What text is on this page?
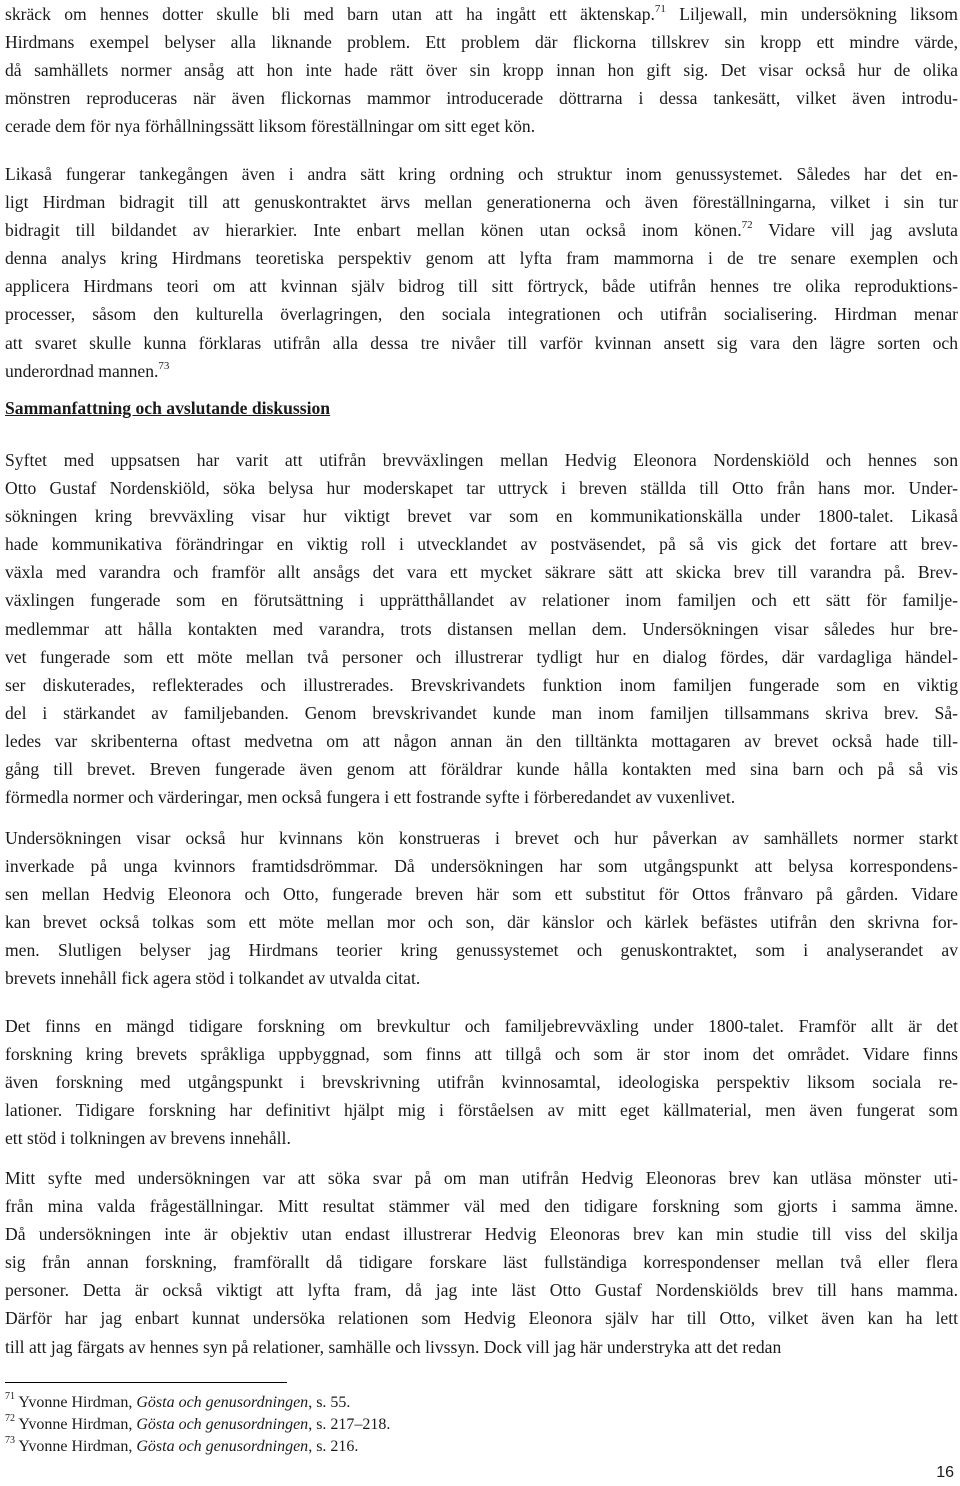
skräck om hennes dotter skulle bli med barn utan att ha ingått ett äktenskap.$^{71}$ Liljewall, min undersökning liksom
Hirdmans exempel belyser alla liknande problem. Ett problem där flickorna tillskrev sin kropp ett mindre värde,
då samhällets normer ansåg att hon inte hade rätt över sin kropp innan hon gift sig. Det visar också hur de olika
mönstren reproduceras när även flickornas mammor introducerade döttrarna i dessa tankesätt, vilket även introdu-
cerade dem för nya förhållningssätt liksom föreställningar om sitt eget kön.
Likaså fungerar tankegången även i andra sätt kring ordning och struktur inom genussystemet. Således har det en-
ligt Hirdman bidragit till att genuskontraktet ärvs mellan generationerna och även föreställningarna, vilket i sin tur
bidragit till bildandet av hierarkier. Inte enbart mellan könen utan också inom könen.$^{72}$ Vidare vill jag avsluta
denna analys kring Hirdmans teoretiska perspektiv genom att lyfta fram mammorna i de tre senare exemplen och
applicera Hirdmans teori om att kvinnan själv bidrog till sitt förtryck, både utifrån hennes tre olika reproduktions-
processer, såsom den kulturella överlagringen, den sociala integrationen och utifrån socialisering. Hirdman menar
att svaret skulle kunna förklaras utifrån alla dessa tre nivåer till varför kvinnan ansett sig vara den lägre sorten och
underordnad mannen.$^{73}$
Sammanfattning och avslutande diskussion
Syftet med uppsatsen har varit att utifrån brevväxlingen mellan Hedvig Eleonora Nordenskiöld och hennes son
Otto Gustaf Nordenskiöld, söka belysa hur moderskapet tar uttryck i breven ställda till Otto från hans mor. Under-
sökningen kring brevväxling visar hur viktigt brevet var som en kommunikationskälla under 1800-talet. Likaså
hade kommunikativa förändringar en viktig roll i utvecklandet av postväsendet, på så vis gick det fortare att brev-
växla med varandra och framför allt ansågs det vara ett mycket säkrare sätt att skicka brev till varandra på. Brev-
växlingen fungerade som en förutsättning i upprätthållandet av relationer inom familjen och ett sätt för familje-
medlemmar att hålla kontakten med varandra, trots distansen mellan dem. Undersökningen visar således hur bre-
vet fungerade som ett möte mellan två personer och illustrerar tydligt hur en dialog fördes, där vardagliga händel-
ser diskuterades, reflekterades och illustrerades. Brevskrivandets funktion inom familjen fungerade som en viktig
del i stärkandet av familjebanden. Genom brevskrivandet kunde man inom familjen tillsammans skriva brev. Så-
ledes var skribenterna oftast medvetna om att någon annan än den tilltänkta mottagaren av brevet också hade till-
gång till brevet. Breven fungerade även genom att föräldrar kunde hålla kontakten med sina barn och på så vis
förmedla normer och värderingar, men också fungera i ett fostrande syfte i förberedandet av vuxenlivet.
Undersökningen visar också hur kvinnans kön konstrueras i brevet och hur påverkan av samhällets normer starkt
inverkade på unga kvinnors framtidsdrömmar. Då undersökningen har som utgångspunkt att belysa korrespondens-
sen mellan Hedvig Eleonora och Otto, fungerade breven här som ett substitut för Ottos frånvaro på gården. Vidare
kan brevet också tolkas som ett möte mellan mor och son, där känslor och kärlek befästes utifrån den skrivna for-
men. Slutligen belyser jag Hirdmans teorier kring genussystemet och genuskontraktet, som i analyserandet av
brevets innehåll fick agera stöd i tolkandet av utvalda citat.
Det finns en mängd tidigare forskning om brevkultur och familjebrevväxling under 1800-talet. Framför allt är det
forskning kring brevets språkliga uppbyggnad, som finns att tillgå och som är stor inom det området. Vidare finns
även forskning med utgångspunkt i brevskrivning utifrån kvinnosamtal, ideologiska perspektiv liksom sociala re-
lationer. Tidigare forskning har definitivt hjälpt mig i förståelsen av mitt eget källmaterial, men även fungerat som
ett stöd i tolkningen av brevens innehåll.
Mitt syfte med undersökningen var att söka svar på om man utifrån Hedvig Eleonoras brev kan utläsa mönster uti-
från mina valda frågeställningar. Mitt resultat stämmer väl med den tidigare forskning som gjorts i samma ämne.
Då undersökningen inte är objektiv utan endast illustrerar Hedvig Eleonoras brev kan min studie till viss del skilja
sig från annan forskning, framförallt då tidigare forskare läst fullständiga korrespondenser mellan två eller flera
personer. Detta är också viktigt att lyfta fram, då jag inte läst Otto Gustaf Nordenskiölds brev till hans mamma.
Därför har jag enbart kunnat undersöka relationen som Hedvig Eleonora själv har till Otto, vilket även kan ha lett
till att jag färgats av hennes syn på relationer, samhälle och livssyn. Dock vill jag här understryka att det redan
$^{71}$ Yvonne Hirdman, Gösta och genusordningen, s. 55.
$^{72}$ Yvonne Hirdman, Gösta och genusordningen, s. 217–218.
$^{73}$ Yvonne Hirdman, Gösta och genusordningen, s. 216.
16
